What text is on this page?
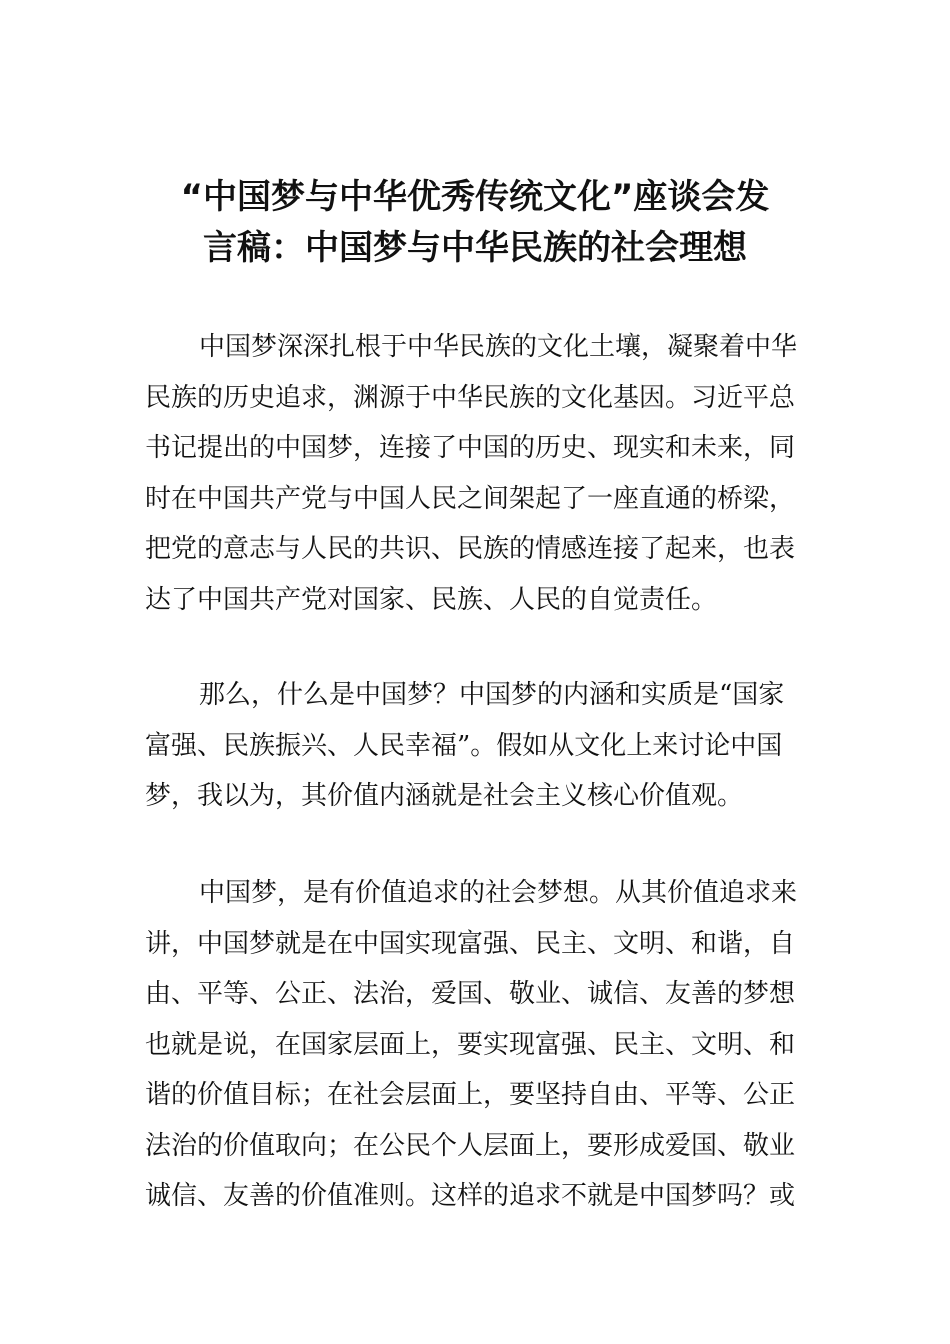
“中国梦与中华优秀传统文化”座谈会发
言稿：中国梦与中华民族的社会理想
中国梦深深扎根于中华民族的文化土壤，凝聚着中华
民族的历史追求，渊源于中华民族的文化基因。习近平总
书记提出的中国梦，连接了中国的历史、现实和未来，同
时在中国共产党与中国人民之间架起了一座直通的桥梁，
把党的意志与人民的共识、民族的情感连接了起来，也表
达了中国共产党对国家、民族、人民的自觉责任。
那么，什么是中国梦？中国梦的内涵和实质是“国家
富强、民族振兴、人民幸福”。假如从文化上来讨论中国
梦，我以为，其价值内涵就是社会主义核心价值观。
中国梦，是有价值追求的社会梦想。从其价值追求来
讲，中国梦就是在中国实现富强、民主、文明、和谐，自
由、平等、公正、法治，爱国、敬业、诚信、友善的梦想
也就是说，在国家层面上，要实现富强、民主、文明、和
谐的价值目标；在社会层面上，要坚持自由、平等、公正
法治的价值取向；在公民个人层面上，要形成爱国、敬业
诚信、友善的价值准则。这样的追求不就是中国梦吗？或
